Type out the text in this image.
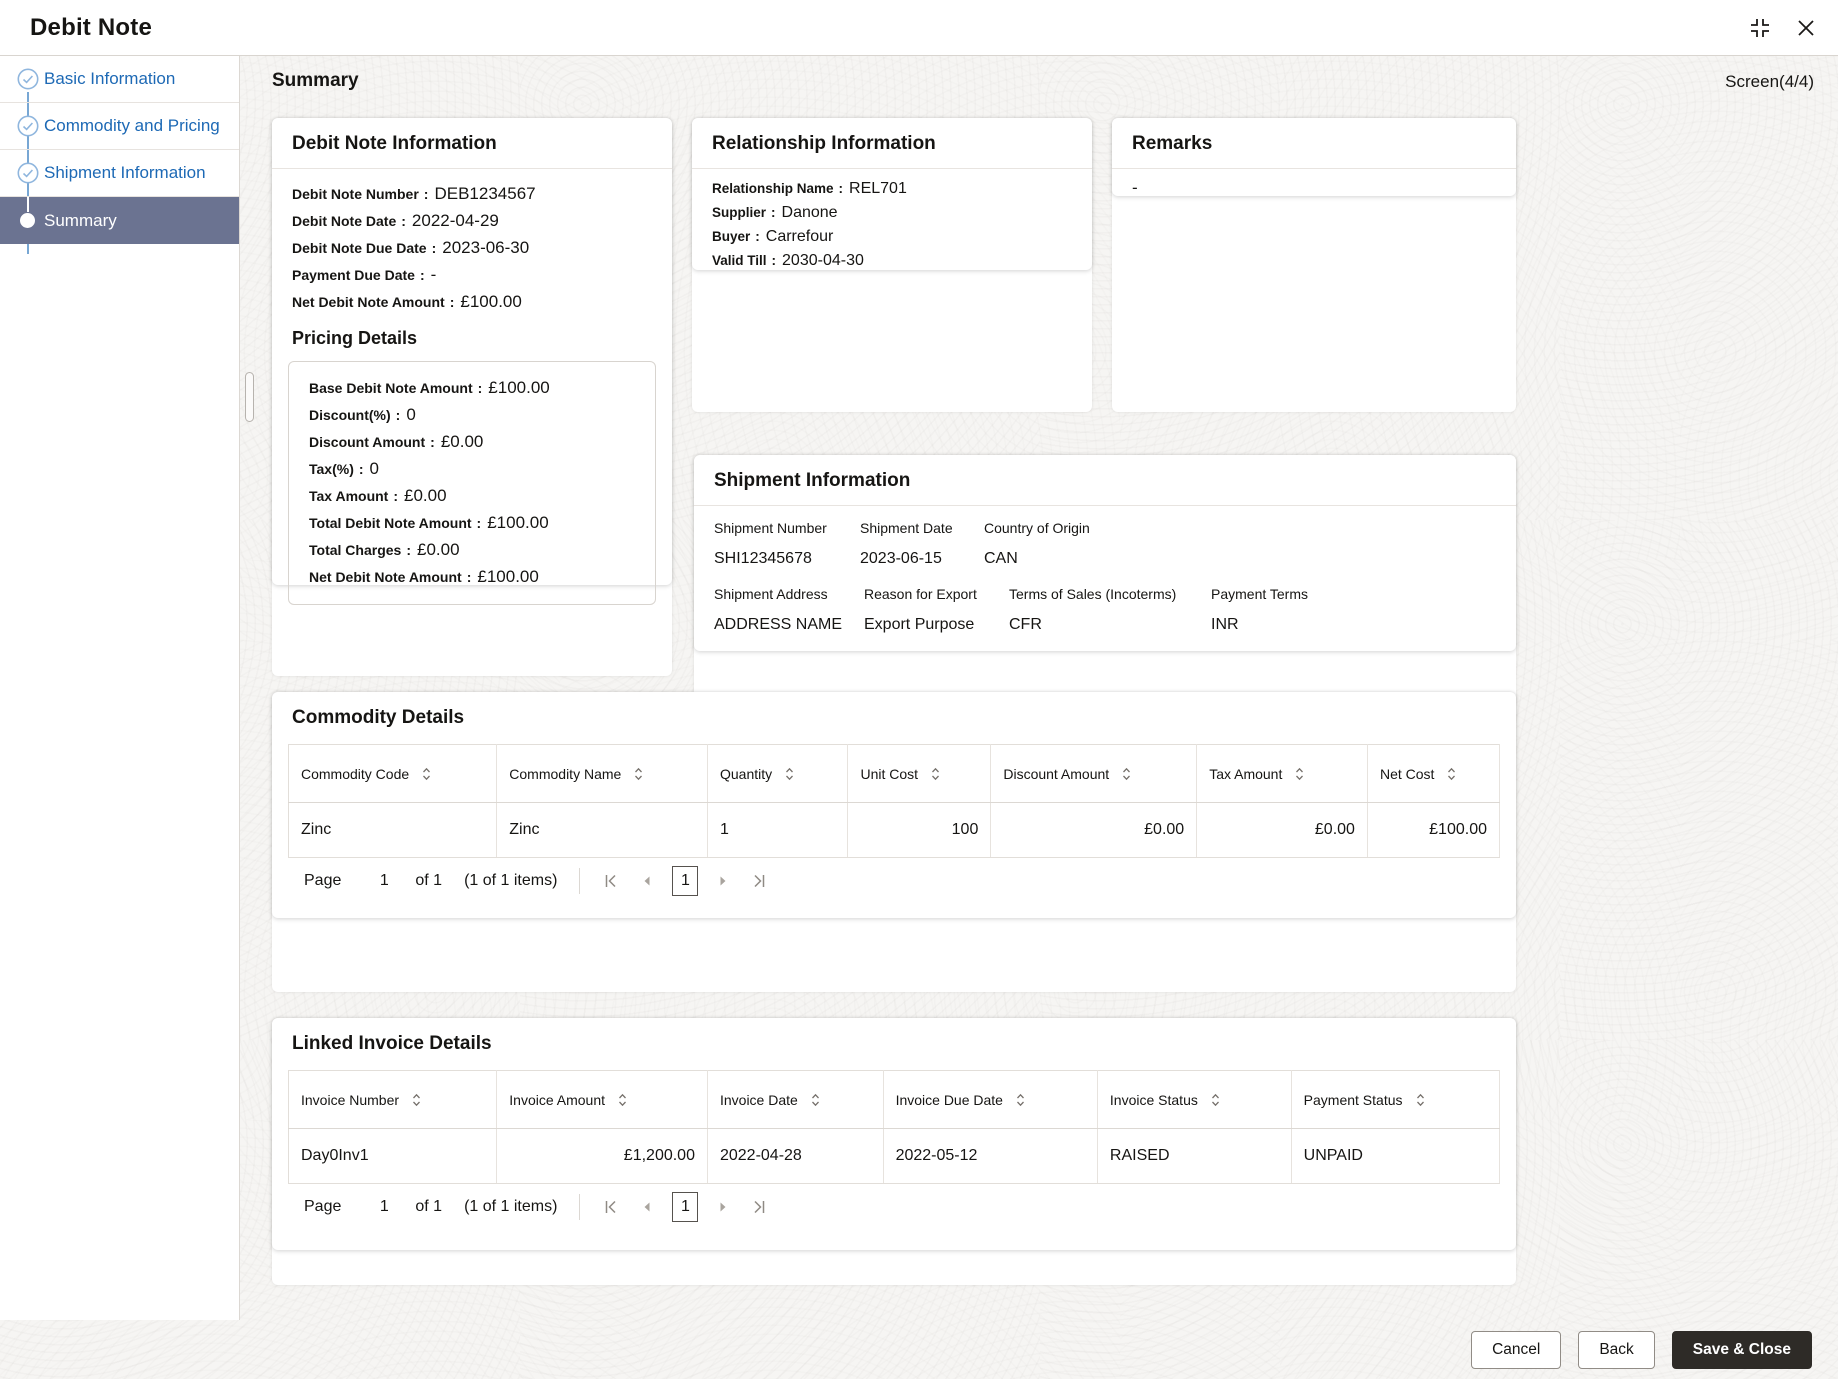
Debit Note
Basic Information
Commodity and Pricing
Shipment Information
Summary
Summary	Screen(4/4)
Debit Note Information
Debit Note Number : DEB1234567
Debit Note Date : 2022-04-29
Debit Note Due Date : 2023-06-30
Payment Due Date : -
Net Debit Note Amount : £100.00
Pricing Details
Base Debit Note Amount : £100.00
Discount(%) : 0
Discount Amount : £0.00
Tax(%) : 0
Tax Amount : £0.00
Total Debit Note Amount : £100.00
Total Charges : £0.00
Net Debit Note Amount : £100.00
Relationship Information
Relationship Name : REL701
Supplier : Danone
Buyer : Carrefour
Valid Till : 2030-04-30
Remarks
-
Shipment Information
Shipment Number	Shipment Date	Country of Origin
SHI12345678	2023-06-15	CAN
Shipment Address	Reason for Export	Terms of Sales (Incoterms)	Payment Terms
ADDRESS NAME	Export Purpose	CFR	INR
Commodity Details
Commodity Code	Commodity Name	Quantity	Unit Cost	Discount Amount	Tax Amount	Net Cost

Zinc	Zinc	1	100	£0.00	£0.00	£100.00
Page
1	of 1 (1 of 1 items)	1
Linked Invoice Details
Invoice Number	Invoice Amount	Invoice Date	Invoice Due Date	Invoice Status	Payment Status

Day0Inv1	£1,200.00	2022-04-28	2022-05-12	RAISED	UNPAID
Page
1	of 1 (1 of 1 items)	1
Cancel	Back	Save & Close
